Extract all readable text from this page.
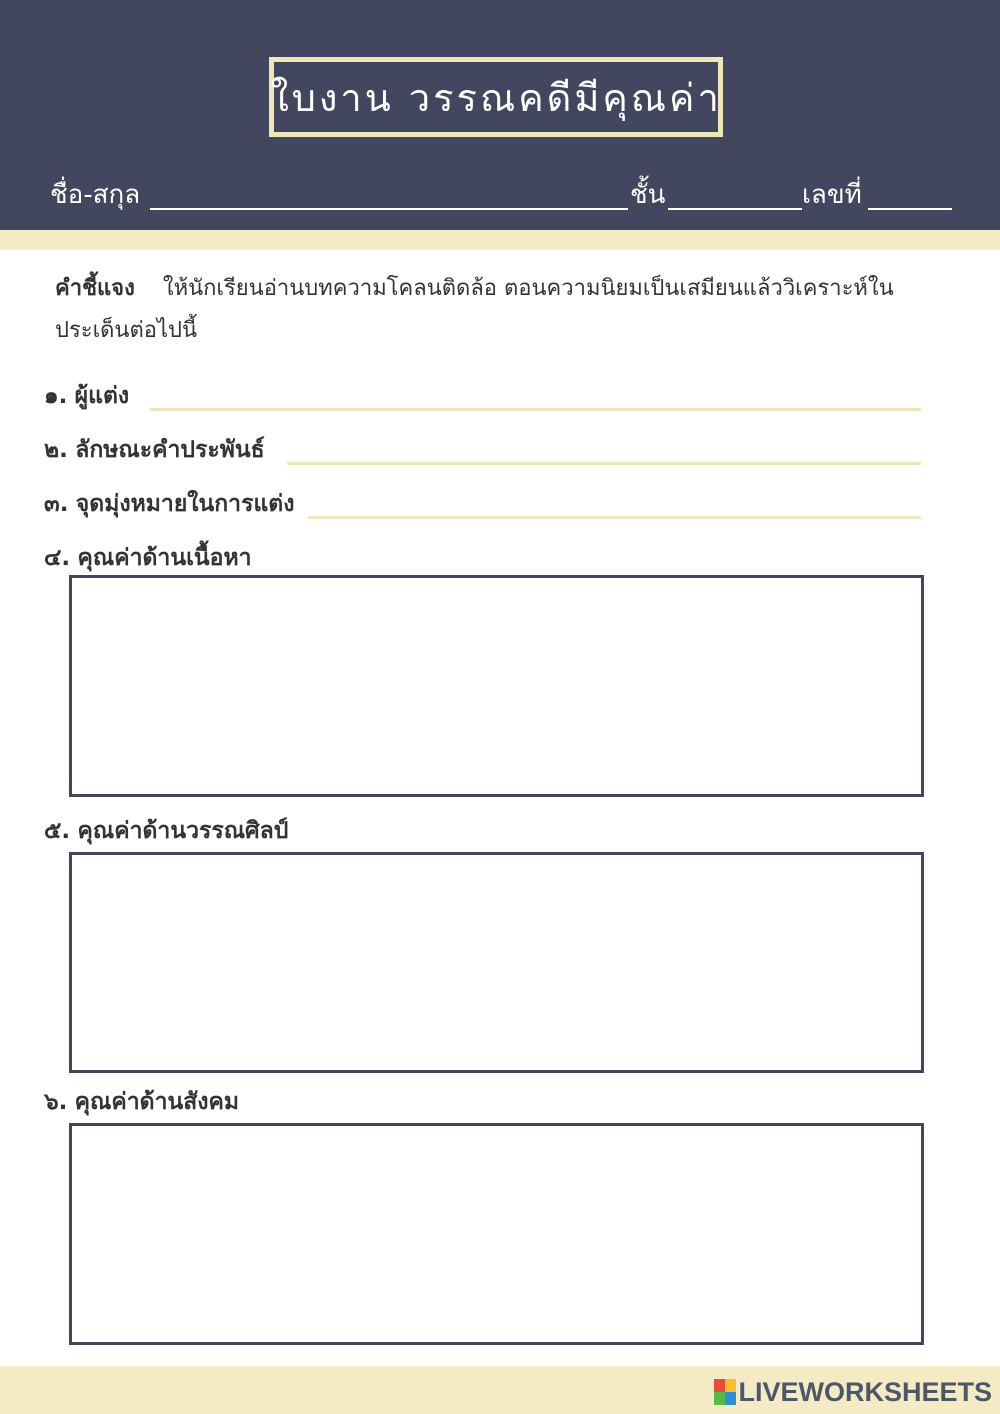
ใบงาน วรรณคดีมีคุณค่า
ชื่อ-สกุล	ชั้น	เลขที่
คำชี้แจง ให้นักเรียนอ่านบทความโคลนติดล้อ ตอนความนิยมเป็นเสมียนแล้ววิเคราะห์ในประเด็นต่อไปนี้
๑. ผู้แต่ง
๒. ลักษณะคำประพันธ์
๓. จุดมุ่งหมายในการแต่ง
๔. คุณค่าด้านเนื้อหา
๕. คุณค่าด้านวรรณศิลป์
๖. คุณค่าด้านสังคม
LIVEWORKSHEETS
